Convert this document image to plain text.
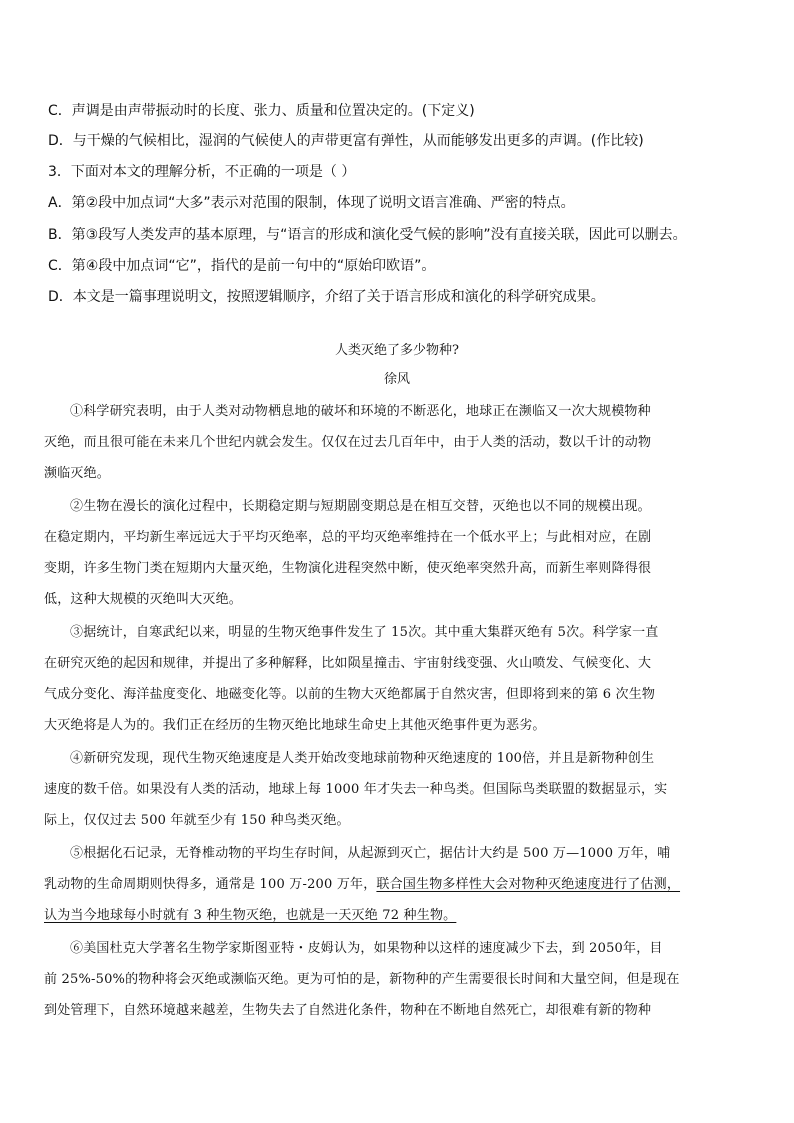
C．声调是由声带振动时的长度、张力、质量和位置决定的。(下定义)
D．与干燥的气候相比，湿润的气候使人的声带更富有弹性，从而能够发出更多的声调。(作比较)
3．下面对本文的理解分析，不正确的一项是（ ）
A．第②段中加点词“大多”表示对范围的限制，体现了说明文语言准确、严密的特点。
B．第③段写人类发声的基本原理，与“语言的形成和演化受气候的影响”没有直接关联，因此可以删去。
C．第④段中加点词“它”，指代的是前一句中的“原始印欧语”。
D．本文是一篇事理说明文，按照逻辑顺序，介绍了关于语言形成和演化的科学研究成果。
人类灭绝了多少物种?
徐风
①科学研究表明，由于人类对动物栖息地的破坏和环境的不断恶化，地球正在濒临又一次大规模物种
灭绝，而且很可能在未来几个世纪内就会发生。仅仅在过去几百年中，由于人类的活动，数以千计的动物
濒临灭绝。
②生物在漫长的演化过程中，长期稳定期与短期剧变期总是在相互交替，灭绝也以不同的规模出现。
在稳定期内，平均新生率远远大于平均灭绝率，总的平均灭绝率维持在一个低水平上；与此相对应，在剧
变期，许多生物门类在短期内大量灭绝，生物演化进程突然中断，使灭绝率突然升高，而新生率则降得很
低，这种大规模的灭绝叫大灭绝。
③据统计，自寒武纪以来，明显的生物灭绝事件发生了 15次。其中重大集群灭绝有 5次。科学家一直
在研究灭绝的起因和规律，并提出了多种解释，比如陨星撞击、宇宙射线变强、火山喷发、气候变化、大
气成分变化、海洋盐度变化、地磁变化等。以前的生物大灭绝都属于自然灾害，但即将到来的第 6 次生物
大灭绝将是人为的。我们正在经历的生物灭绝比地球生命史上其他灭绝事件更为恶劣。
④新研究发现，现代生物灭绝速度是人类开始改变地球前物种灭绝速度的 100倍，并且是新物种创生
速度的数千倍。如果没有人类的活动，地球上每 1000 年才失去一种鸟类。但国际鸟类联盟的数据显示，实
际上，仅仅过去 500 年就至少有 150 种鸟类灭绝。
⑤根据化石记录，无脊椎动物的平均生存时间，从起源到灭亡，据估计大约是 500 万—1000 万年，哺
乳动物的生命周期则快得多，通常是 100 万-200 万年，联合国生物多样性大会对物种灭绝速度进行了估测，
认为当今地球每小时就有 3 种生物灭绝，也就是一天灭绝 72 种生物。
⑥美国杜克大学著名生物学家斯图亚特・皮姆认为，如果物种以这样的速度减少下去，到 2050年，目
前 25%-50%的物种将会灭绝或濒临灭绝。更为可怕的是，新物种的产生需要很长时间和大量空间，但是现在
到处管理下，自然环境越来越差，生物失去了自然进化条件，物种在不断地自然死亡，却很难有新的物种
